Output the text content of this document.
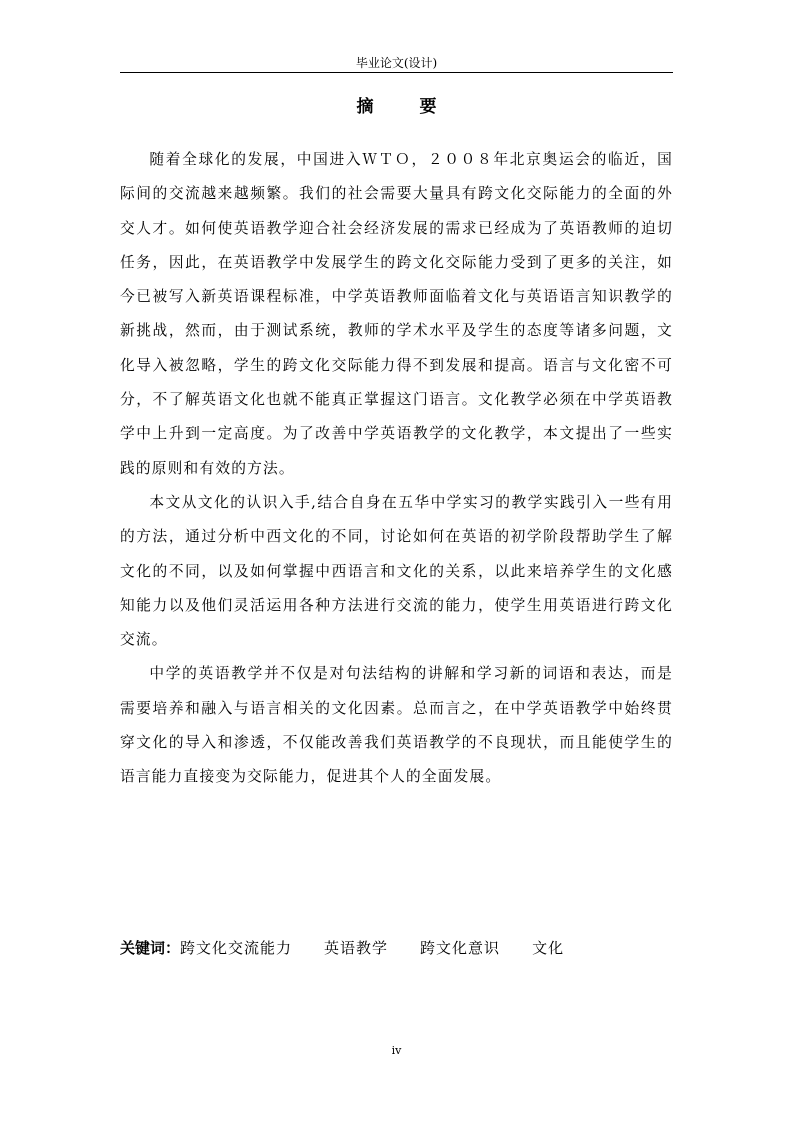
毕业论文(设计)
摘 要

随着全球化的发展，中国进入ＷＴＯ，２００８年北京奥运会的临近，国际间的交流越来越频繁。我们的社会需要大量具有跨文化交际能力的全面的外交人才。如何使英语教学迎合社会经济发展的需求已经成为了英语教师的迫切任务，因此，在英语教学中发展学生的跨文化交际能力受到了更多的关注，如今已被写入新英语课程标准，中学英语教师面临着文化与英语语言知识教学的新挑战，然而，由于测试系统，教师的学术水平及学生的态度等诸多问题，文化导入被忽略，学生的跨文化交际能力得不到发展和提高。语言与文化密不可分，不了解英语文化也就不能真正掌握这门语言。文化教学必须在中学英语教学中上升到一定高度。为了改善中学英语教学的文化教学，本文提出了一些实践的原则和有效的方法。

本文从文化的认识入手,结合自身在五华中学实习的教学实践引入一些有用的方法，通过分析中西文化的不同，讨论如何在英语的初学阶段帮助学生了解文化的不同，以及如何掌握中西语言和文化的关系，以此来培养学生的文化感知能力以及他们灵活运用各种方法进行交流的能力，使学生用英语进行跨文化交流。

中学的英语教学并不仅是对句法结构的讲解和学习新的词语和表达，而是需要培养和融入与语言相关的文化因素。总而言之，在中学英语教学中始终贯穿文化的导入和渗透，不仅能改善我们英语教学的不良现状，而且能使学生的语言能力直接变为交际能力，促进其个人的全面发展。

关键词：跨文化交流能力 英语教学 跨文化意识 文化
iv
